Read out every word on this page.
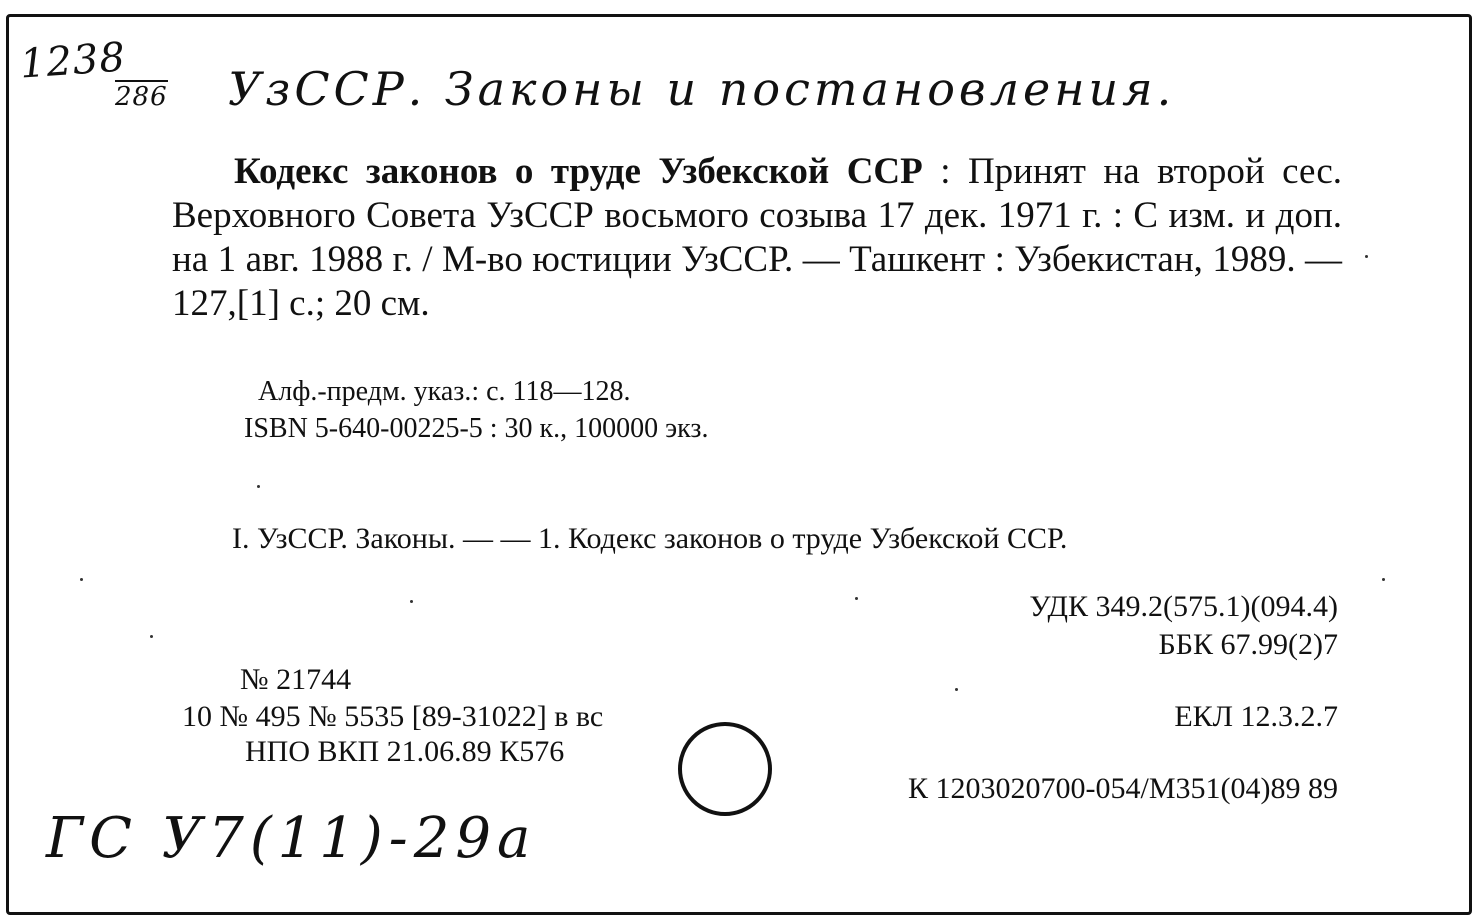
1238
286 УзССР. Законы и постановления.
Кодекс законов о труде Узбекской ССР : Принят на второй сес. Верховного Совета УзССР восьмого созыва 17 дек. 1971 г. : С изм. и доп. на 1 авг. 1988 г. / М-во юстиции УзССР. — Ташкент : Узбекистан, 1989. — 127,[1] с.; 20 см.
Алф.-предм. указ.: с. 118—128.
ISBN 5-640-00225-5 : 30 к., 100000 экз.
I. УзССР. Законы. — — 1. Кодекс законов о труде Узбекской ССР.
УДК 349.2(575.1)(094.4)
ББК 67.99(2)7
№ 21744
10 № 495 № 5535 [89-31022] в вс
НПО ВКП 21.06.89 К576
ЕКЛ 12.3.2.7
К 1203020700-054/М351(04)89 89
ГС У7(11)-29а
